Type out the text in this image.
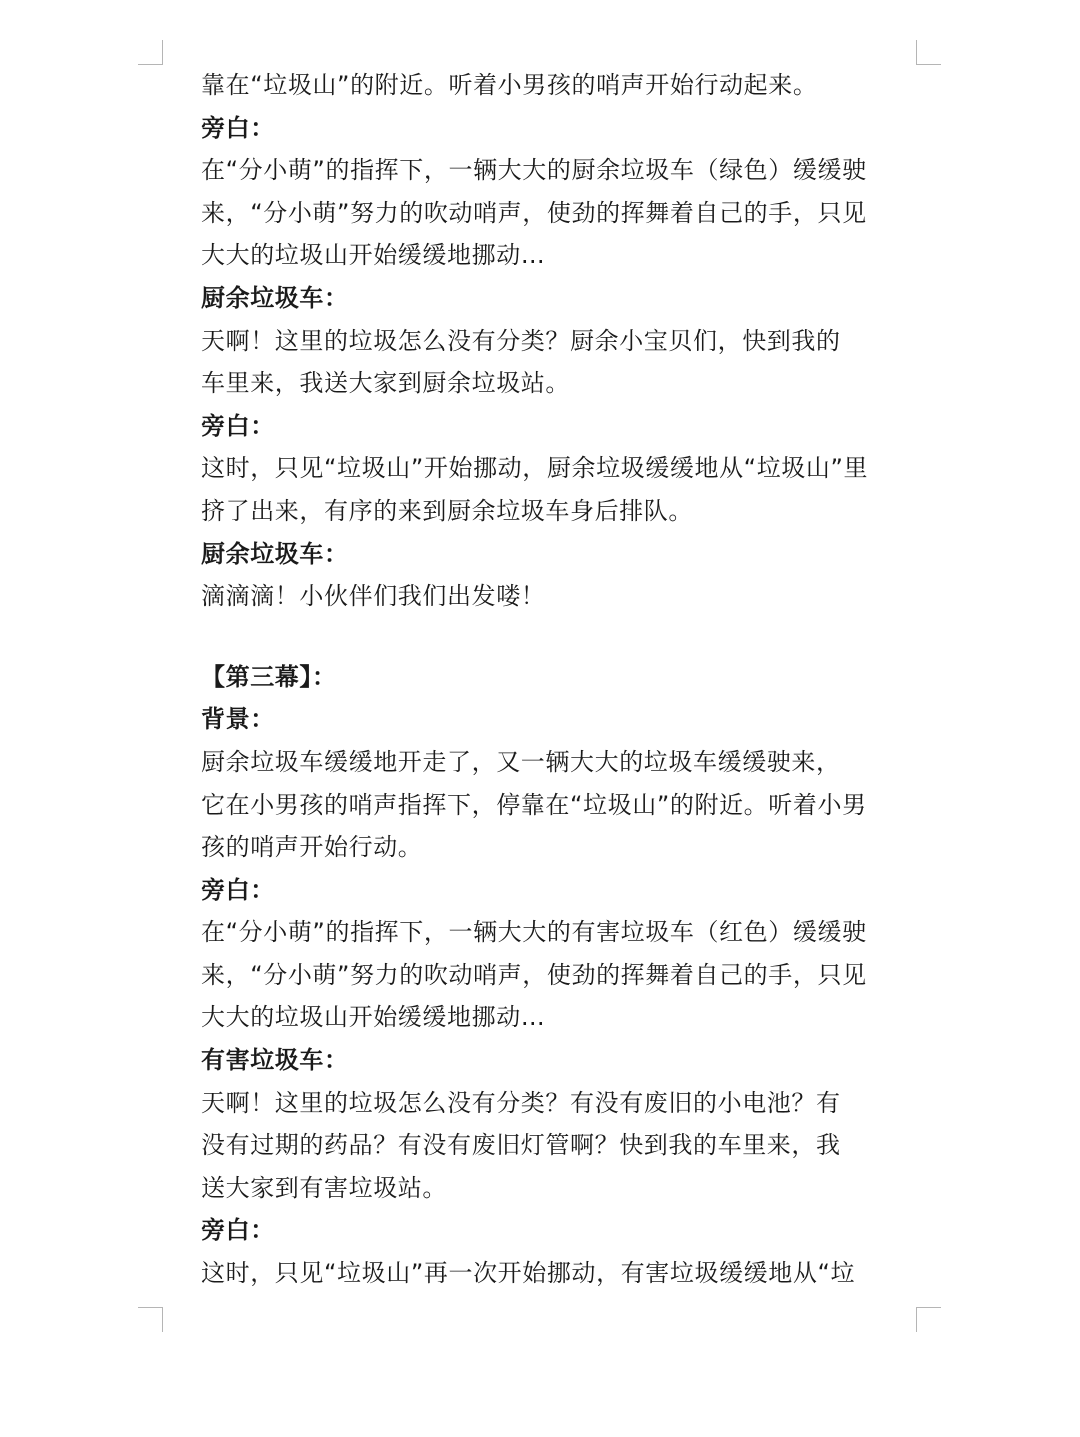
靠在“垃圾山”的附近。听着小男孩的哨声开始行动起来。
旁白：
在“分小萌”的指挥下，一辆大大的厨余垃圾车（绿色）缓缓驶
来，“分小萌”努力的吹动哨声，使劲的挥舞着自己的手，只见
大大的垃圾山开始缓缓地挪动…
厨余垃圾车：
天啊！这里的垃圾怎么没有分类？厨余小宝贝们，快到我的
车里来，我送大家到厨余垃圾站。
旁白：
这时，只见“垃圾山”开始挪动，厨余垃圾缓缓地从“垃圾山”里
挤了出来，有序的来到厨余垃圾车身后排队。
厨余垃圾车：
滴滴滴！小伙伴们我们出发喽！
【第三幕】：
背景：
厨余垃圾车缓缓地开走了，又一辆大大的垃圾车缓缓驶来，
它在小男孩的哨声指挥下，停靠在“垃圾山”的附近。听着小男
孩的哨声开始行动。
旁白：
在“分小萌”的指挥下，一辆大大的有害垃圾车（红色）缓缓驶
来，“分小萌”努力的吹动哨声，使劲的挥舞着自己的手，只见
大大的垃圾山开始缓缓地挪动…
有害垃圾车：
天啊！这里的垃圾怎么没有分类？有没有废旧的小电池？有
没有过期的药品？有没有废旧灯管啊？快到我的车里来，我
送大家到有害垃圾站。
旁白：
这时，只见“垃圾山”再一次开始挪动，有害垃圾缓缓地从“垃
